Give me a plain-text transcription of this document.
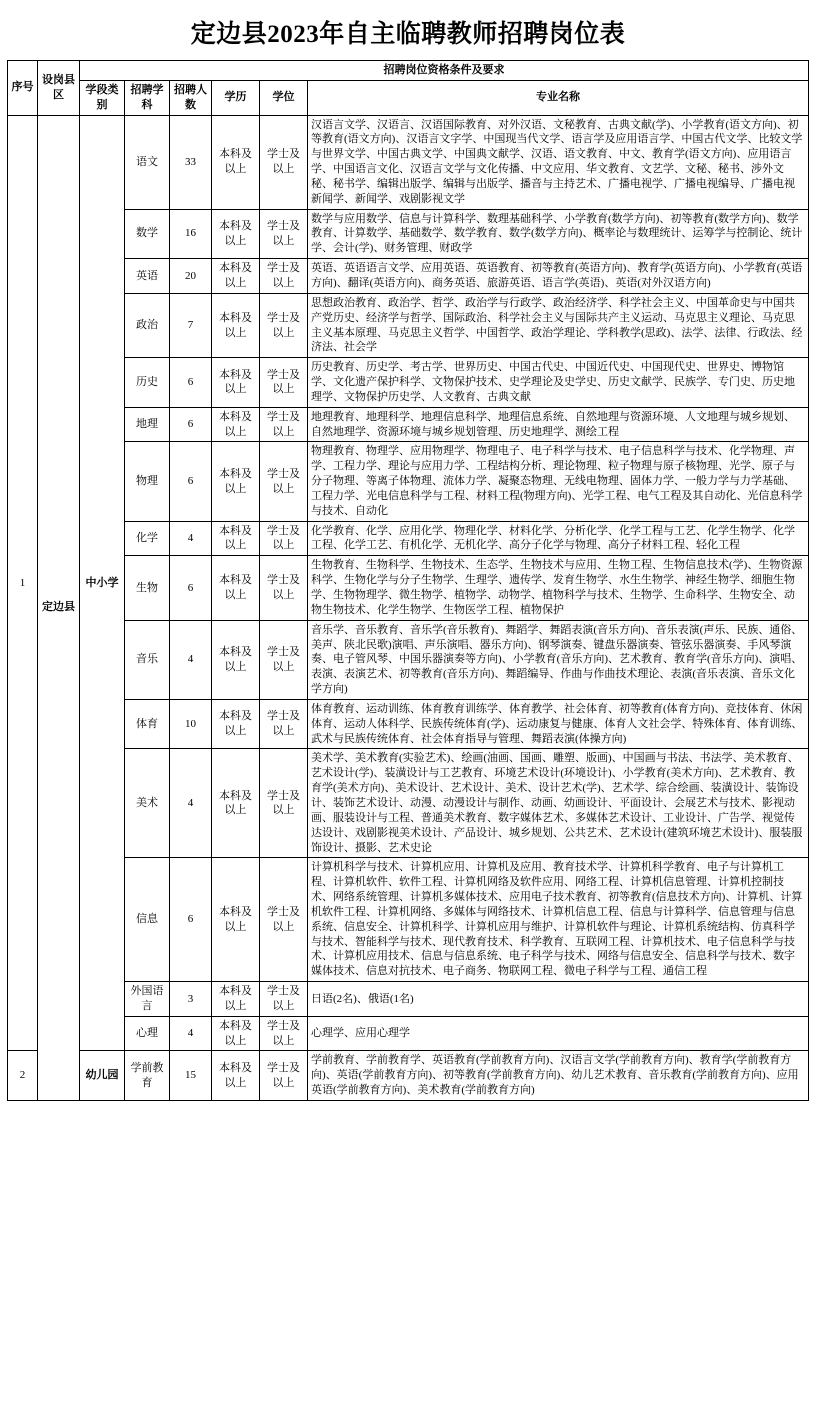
定边县2023年自主临聘教师招聘岗位表
序号	设岗县区	招聘岗位资格条件及要求					
		学段类别	招聘学科	招聘人数	学历	学位	专业名称
1	定边县	中小学	语文	33	本科及以上	学士及以上	汉语言文学、汉语言、汉语国际教育、对外汉语、文秘教育、古典文献(学)、小学教育(语文方向)、初等教育(语文方向)、汉语言文字学、中国现当代文学、语言学及应用语言学、中国古代文学、比较文学与世界文学、中国古典文学、中国典文献学、汉语、语文教育、中文、教育学(语文方向)、应用语言学、中国语言文化、汉语言文学与文化传播、中文应用、华文教育、文艺学、文秘、秘书、涉外文秘、秘书学、编辑出版学、编辑与出版学、播音与主持艺术、广播电视学、广播电视编导、广播电视新闻学、新闻学、戏剧影视文学
			数学	16	本科及以上	学士及以上	数学与应用数学、信息与计算科学、数理基础科学、小学教育(数学方向)、初等教育(数学方向)、数学教育、计算数学、基础数学、数学教育、数学(数学方向)、概率论与数理统计、运筹学与控制论、统计学、会计(学)、财务管理、财政学
			英语	20	本科及以上	学士及以上	英语、英语语言文学、应用英语、英语教育、初等教育(英语方向)、教育学(英语方向)、小学教育(英语方向)、翻译(英语方向)、商务英语、旅游英语、语言学(英语)、英语(对外汉语方向)
			政治	7	本科及以上	学士及以上	思想政治教育、政治学、哲学、政治学与行政学、政治经济学、科学社会主义、中国革命史与中国共产党历史、经济学与哲学、国际政治、科学社会主义与国际共产主义运动、马克思主义理论、马克思主义基本原理、马克思主义哲学、中国哲学、政治学理论、学科教学(思政)、法学、法律、行政法、经济法、社会学
			历史	6	本科及以上	学士及以上	历史教育、历史学、考古学、世界历史、中国古代史、中国近代史、中国现代史、世界史、博物馆学、文化遗产保护科学、文物保护技术、史学理论及史学史、历史文献学、民族学、专门史、历史地理学、文物保护历史学、人文教育、古典文献
			地理	6	本科及以上	学士及以上	地理教育、地理科学、地理信息科学、地理信息系统、自然地理与资源环境、人文地理与城乡规划、自然地理学、资源环境与城乡规划管理、历史地理学、测绘工程
			物理	6	本科及以上	学士及以上	物理教育、物理学、应用物理学、物理电子、电子科学与技术、电子信息科学与技术、化学物理、声学、工程力学、理论与应用力学、工程结构分析、理论物理、粒子物理与原子核物理、光学、原子与分子物理、等离子体物理、流体力学、凝聚态物理、无线电物理、固体力学、一般力学与力学基础、工程力学、光电信息科学与工程、材料工程(物理方向)、光学工程、电气工程及其自动化、光信息科学与技术、自动化
			化学	4	本科及以上	学士及以上	化学教育、化学、应用化学、物理化学、材料化学、分析化学、化学工程与工艺、化学生物学、化学工程、化学工艺、有机化学、无机化学、高分子化学与物理、高分子材料工程、轻化工程
			生物	6	本科及以上	学士及以上	生物教育、生物科学、生物技术、生态学、生物技术与应用、生物工程、生物信息技术(学)、生物资源科学、生物化学与分子生物学、生理学、遗传学、发育生物学、水生生物学、神经生物学、细胞生物学、生物物理学、微生物学、植物学、动物学、植物科学与技术、生物学、生命科学、生物安全、动物生物技术、化学生物学、生物医学工程、植物保护
			音乐	4	本科及以上	学士及以上	音乐学、音乐教育、音乐学(音乐教育)、舞蹈学、舞蹈表演(音乐方向)、音乐表演(声乐、民族、通俗、美声、陕北民歌)演唱、声乐演唱、器乐方向)、钢琴演奏、键盘乐器演奏、管弦乐器演奏、手风琴演奏、电子管风琴、中国乐器演奏等方向)、小学教育(音乐方向)、艺术教育、教育学(音乐方向)、演唱、表演、表演艺术、初等教育(音乐方向)、舞蹈编导、作曲与作曲技术理论、表演(音乐表演、音乐文化学方向)
			体育	10	本科及以上	学士及以上	体育教育、运动训练、体育教育训练学、体育教学、社会体育、初等教育(体育方向)、竞技体育、休闲体育、运动人体科学、民族传统体育(学)、运动康复与健康、体育人文社会学、特殊体育、体育训练、武术与民族传统体育、社会体育指导与管理、舞蹈表演(体操方向)
			美术	4	本科及以上	学士及以上	美术学、美术教育(实验艺术)、绘画(油画、国画、雕塑、版画)、中国画与书法、书法学、美术教育、艺术设计(学)、装潢设计与工艺教育、环境艺术设计(环境设计)、小学教育(美术方向)、艺术教育、教育学(美术方向)、美术设计、艺术设计、美术、设计艺术(学)、艺术学、综合绘画、装潢设计、装饰设计、装饰艺术设计、动漫、动漫设计与制作、动画、幼画设计、平面设计、会展艺术与技术、影视动画、服装设计与工程、普通美术教育、数字媒体艺术、多媒体艺术设计、工业设计、广告学、视觉传达设计、戏剧影视美术设计、产品设计、城乡规划、公共艺术、艺术设计(建筑环境艺术设计)、服装服饰设计、摄影、艺术史论
			信息	6	本科及以上	学士及以上	计算机科学与技术、计算机应用、计算机及应用、教育技术学、计算机科学教育、电子与计算机工程、计算机软件、软件工程、计算机网络及软件应用、网络工程、计算机信息管理、计算机控制技术、网络系统管理、计算机多媒体技术、应用电子技术教育、初等教育(信息技术方向)、计算机、计算机软件工程、计算机网络、多媒体与网络技术、计算机信息工程、信息与计算科学、信息管理与信息系统、信息安全、计算机科学、计算机应用与维护、计算机软件与理论、计算机系统结构、仿真科学与技术、智能科学与技术、现代教育技术、科学教育、互联网工程、计算机技术、电子信息科学与技术、计算机应用技术、信息与信息系统、电子科学与技术、网络与信息安全、信息科学与技术、数字媒体技术、信息对抗技术、电子商务、物联网工程、微电子科学与工程、通信工程
			外国语言	3	本科及以上	学士及以上	日语(2名)、俄语(1名)
			心理	4	本科及以上	学士及以上	心理学、应用心理学
2		幼儿园	学前教育	15	本科及以上	学士及以上	学前教育、学前教育学、英语教育(学前教育方向)、汉语言文学(学前教育方向)、教育学(学前教育方向)、英语(学前教育方向)、初等教育(学前教育方向)、幼儿艺术教育、音乐教育(学前教育方向)、应用英语(学前教育方向)、美术教育(学前教育方向)
